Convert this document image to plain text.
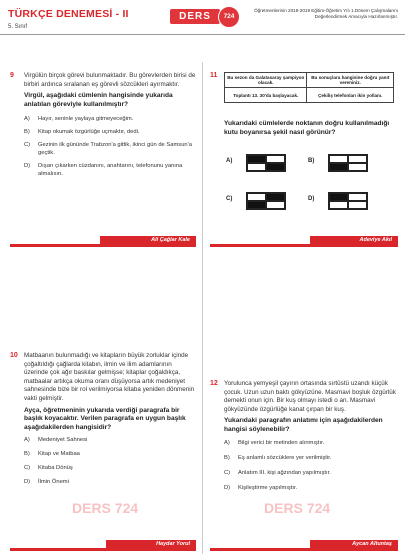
TÜRKÇE DENEMESİ - II
5. Sınıf
DERS	724
Öğretmenlerinin 2018-2019 Eğitim-Öğretim Yılı 1.Dönem Çalışmalarını Değerlendirmek Amacıyla Hazırlanmıştır.
9	Virgülün birçok görevi bulunmaktadır. Bu görevlerden birisi de birbiri ardınca sıralanan eş görevli sözcükleri ayırmaktır.
Virgül, aşağıdaki cümlenin hangisinde yukarıda anlatılan göreviyle kullanılmıştır?
A)	Hayır, seninle yaylaya gitmeyeceğim.
B)	Kitap okumak özgürlüğe uçmaktır, dedi.
C)	Gezinin ilk gününde Trabzon'a gittik, ikinci gün de Samsun'a geçtik.
D)	Dışarı çıkarken cüzdanını, anahtarını, telefonunu yanına almalısın.
Ali Çağlar Kale
11 Bu sezon da Galatasaray şampiyon olacak.	Bu sonuçlara hangisine doğru yanıt vereniniz.
Toplantı 13. 30'da başlayacak.	Çekiliş telefonları ikin yollanı.
Yukarıdaki cümlelerde noktanın doğru kullanılmadığı kutu boyanırsa şekil nasıl görünür?
A)	B)
C)	D)
Adeviye Akıl
10 Matbaanın bulunmadığı ve kitapların büyük zorluklar içinde çoğaltıldığı çağlarda kitabın, ilmin ve ilim adamlarının üzerinde çok ağır baskılar gelmişse; kitaplar çoğaldıkça, matbaalar artıkça okuma oranı düşüyorsa artık medeniyet sahnesinde bize bir rol verilmiyorsa kitaba yeniden dönmenin vakti gelmiştir.
Ayça, öğretmeninin yukarıda verdiği paragrafa bir başlık koyacaktır. Verilen paragrafa en uygun başlık aşağıdakilerden hangisidir?
A) Medeniyet Sahnesi
B) Kitap ve Matbaa
C) Kitaba Dönüş
D) İlmin Önemi
DERS 724
Haydar Yorul
12 Yorulunca yemyeşil çayırın ortasında sırtüstü uzandı küçük çocuk. Uzun uzun baktı gökyüzüne. Masmavi boşluk özgürlük demekti onun için. Bir kuş olmayı istedi o an. Masmavi gökyüzünde özgürlüğe kanat çırpan bir kuş.
Yukarıdaki paragrafın anlatımı için aşağıdakilerden hangisi söylenebilir?
A) Bilgi verici bir metinden alınmıştır.
B) Eş anlamlı sözcüklere yer verilmiştir.
C) Anlatım III. kişi ağzından yapılmıştır.
D) Kişileştirme yapılmıştır.
DERS 724
Aycan Altuntaş
